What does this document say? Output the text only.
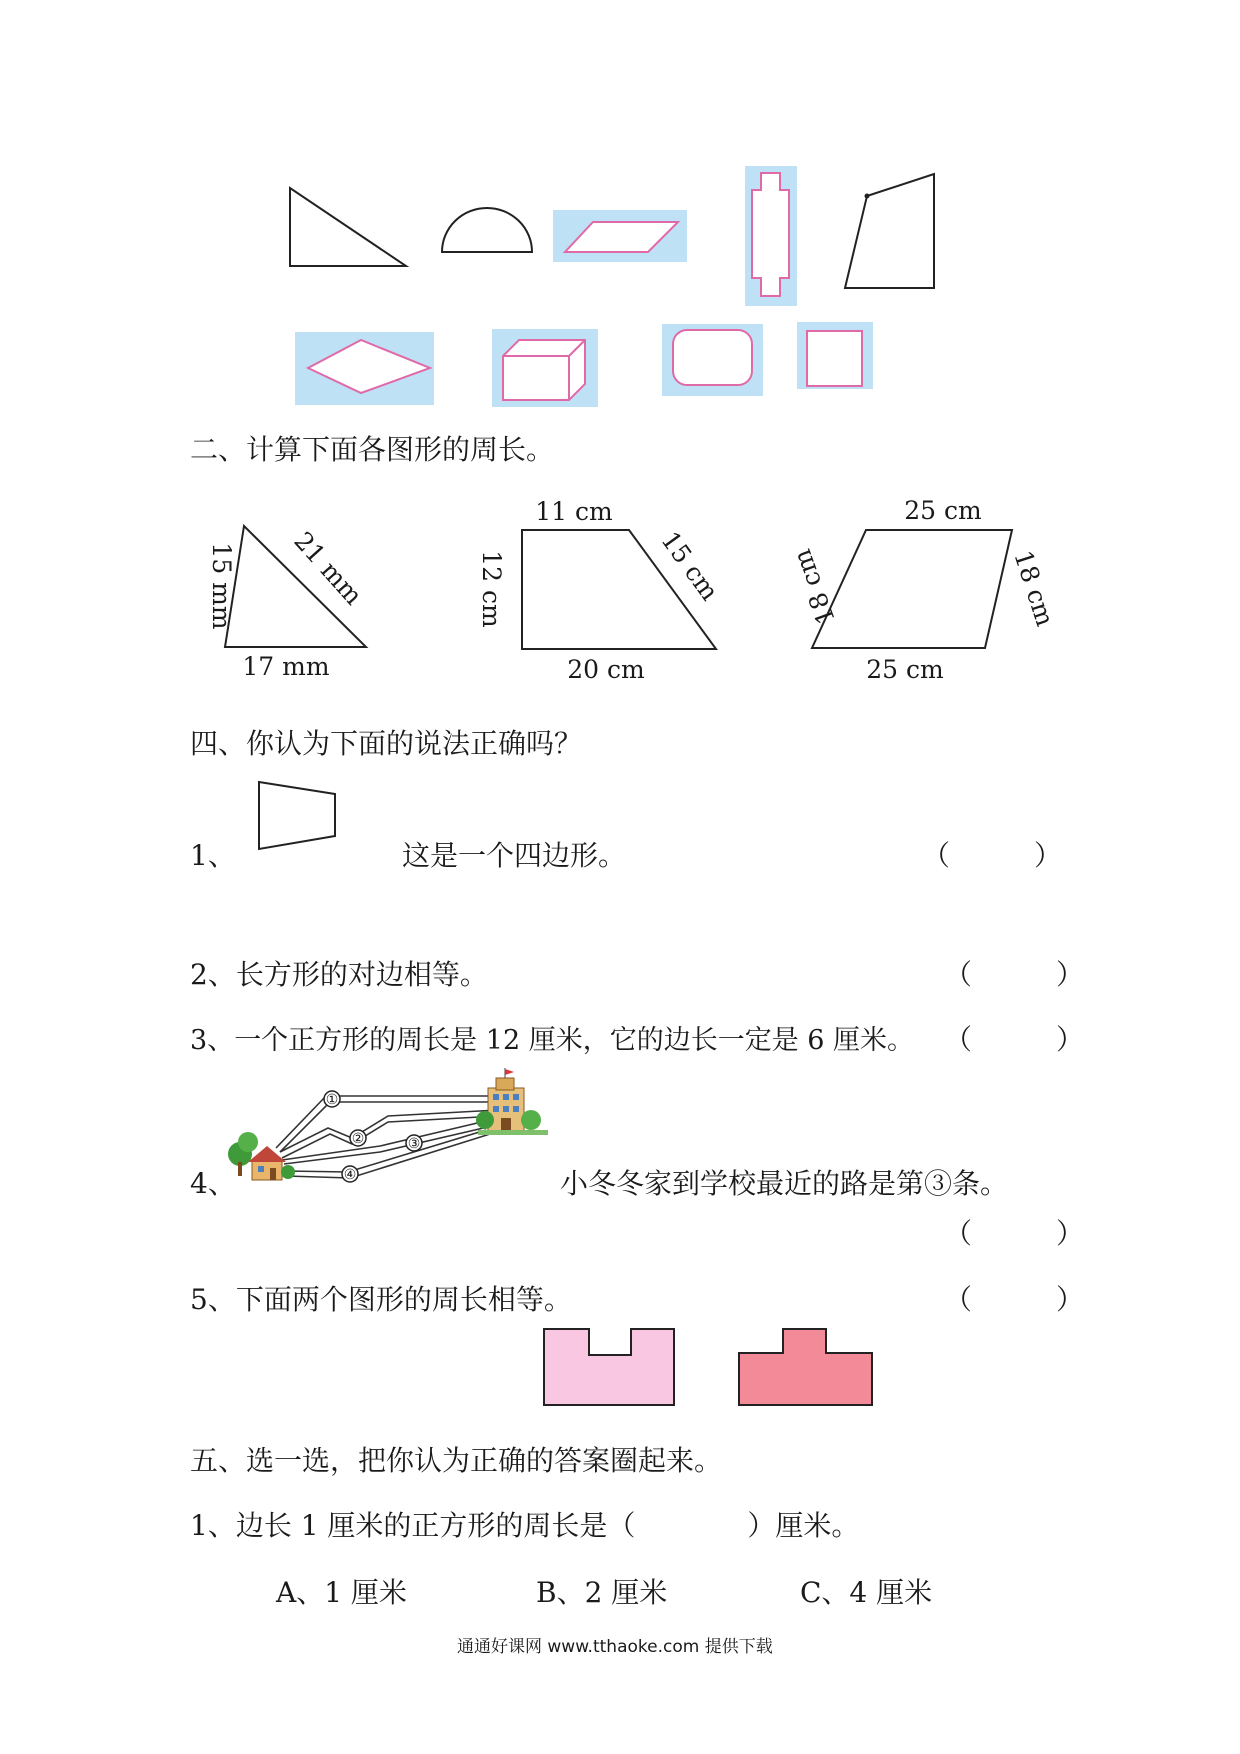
二、计算下面各图形的周长。
15 mm 21 mm
17 mm
11 cm
12 cm	15 cm
20 cm
25 cm
18 cm	18 cm
25 cm
四、你认为下面的说法正确吗？
1、	这是一个四边形。	（　　　）
2、长方形的对边相等。	（　　　）
3、一个正方形的周长是 12 厘米，它的边长一定是 6 厘米。 （　　　）
4、
①
②	③
④	小冬冬家到学校最近的路是第③条。
（　　　）
5、下面两个图形的周长相等。	（　　　）
五、选一选，把你认为正确的答案圈起来。
1、边长 1 厘米的正方形的周长是（　　　　）厘米。
A、1 厘米	B、2 厘米	C、4 厘米
通通好课网 www.tthaoke.com 提供下载
